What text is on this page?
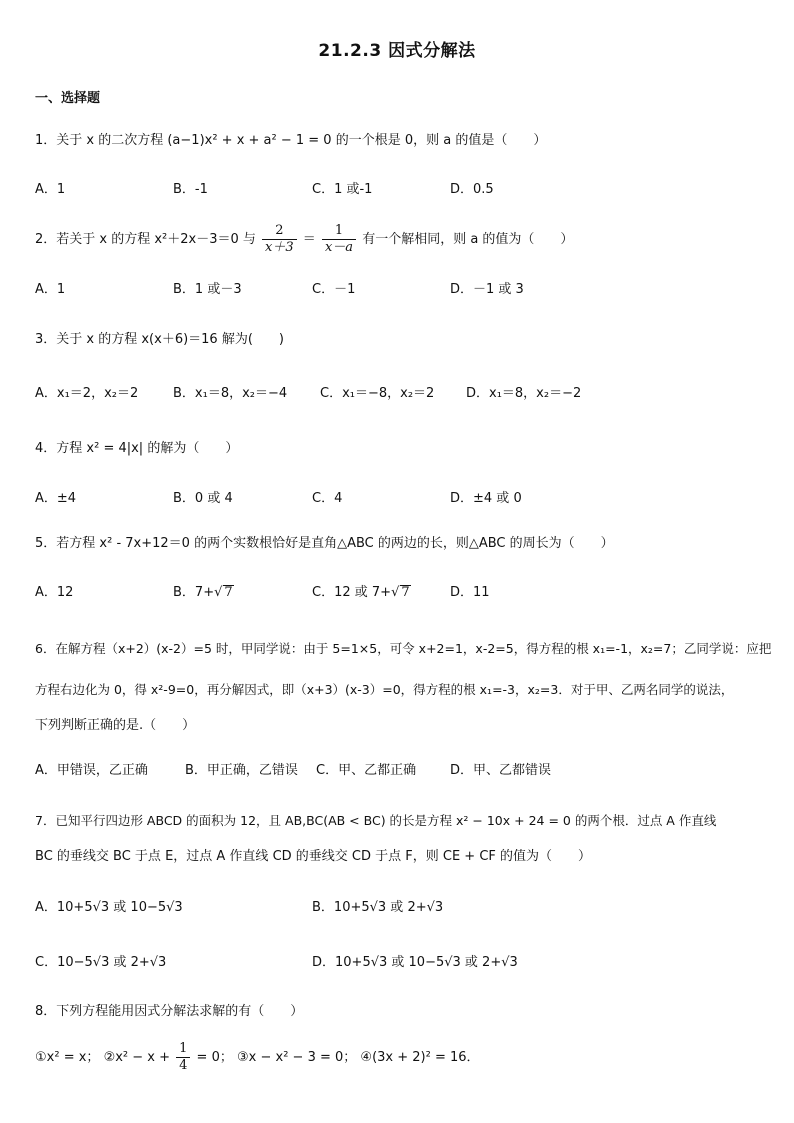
21.2.3 因式分解法
一、选择题
1．关于 x 的二次方程 (a−1)x² + x + a² − 1 = 0 的一个根是 0，则 a 的值是（　　）
A．1	B．-1	C．1 或-1	D．0.5
2．若关于 x 的方程 x²＋2x－3＝0 与 $\frac{2}{x+3} = \frac{1}{x-a}$ 有一个解相同，则 a 的值为（　　）
A．1	B．1 或－3	C．－1	D．－1 或 3
3．关于 x 的方程 x(x＋6)＝16 解为(　　)
A．x₁＝2，x₂＝2	B．x₁＝8，x₂＝−4	C．x₁＝−8，x₂＝2 D．x₁＝8，x₂＝−2
4．方程 x² = 4|x| 的解为（　　）
A．±4	B．0 或 4	C．4	D．±4 或 0
5．若方程 x² - 7x+12＝0 的两个实数根恰好是直角△ABC 的两边的长，则△ABC 的周长为（　　）
A．12	B．7+√ 7	C．12 或 7+√ 7	D．11
6．在解方程（x+2）(x-2）=5 时，甲同学说：由于 5=1×5，可令 x+2=1，x-2=5，得方程的根 x₁=-1，x₂=7；乙同学说：应把
方程右边化为 0，得 x²-9=0，再分解因式，即（x+3）(x-3）=0，得方程的根 x₁=-3，x₂=3．对于甲、乙两名同学的说法，
下列判断正确的是.（　　）
A．甲错误，乙正确	B．甲正确，乙错误 C．甲、乙都正确	D．甲、乙都错误
7．已知平行四边形 ABCD 的面积为 12，且 AB,BC(AB < BC) 的长是方程 x² − 10x + 24 = 0 的两个根．过点 A 作直线
BC 的垂线交 BC 于点 E，过点 A 作直线 CD 的垂线交 CD 于点 F，则 CE + CF 的值为（　　）
A．10+5√3 或 10−5√3	B．10+5√3 或 2+√3
C．10−5√3 或 2+√3	D．10+5√3 或 10−5√3 或 2+√3
8．下列方程能用因式分解法求解的有（　　）
①x² = x； ②x² − $x + \frac{1}{4} = 0$； ③x − x² − 3 = 0； ④(3x + 2)² = 16．
